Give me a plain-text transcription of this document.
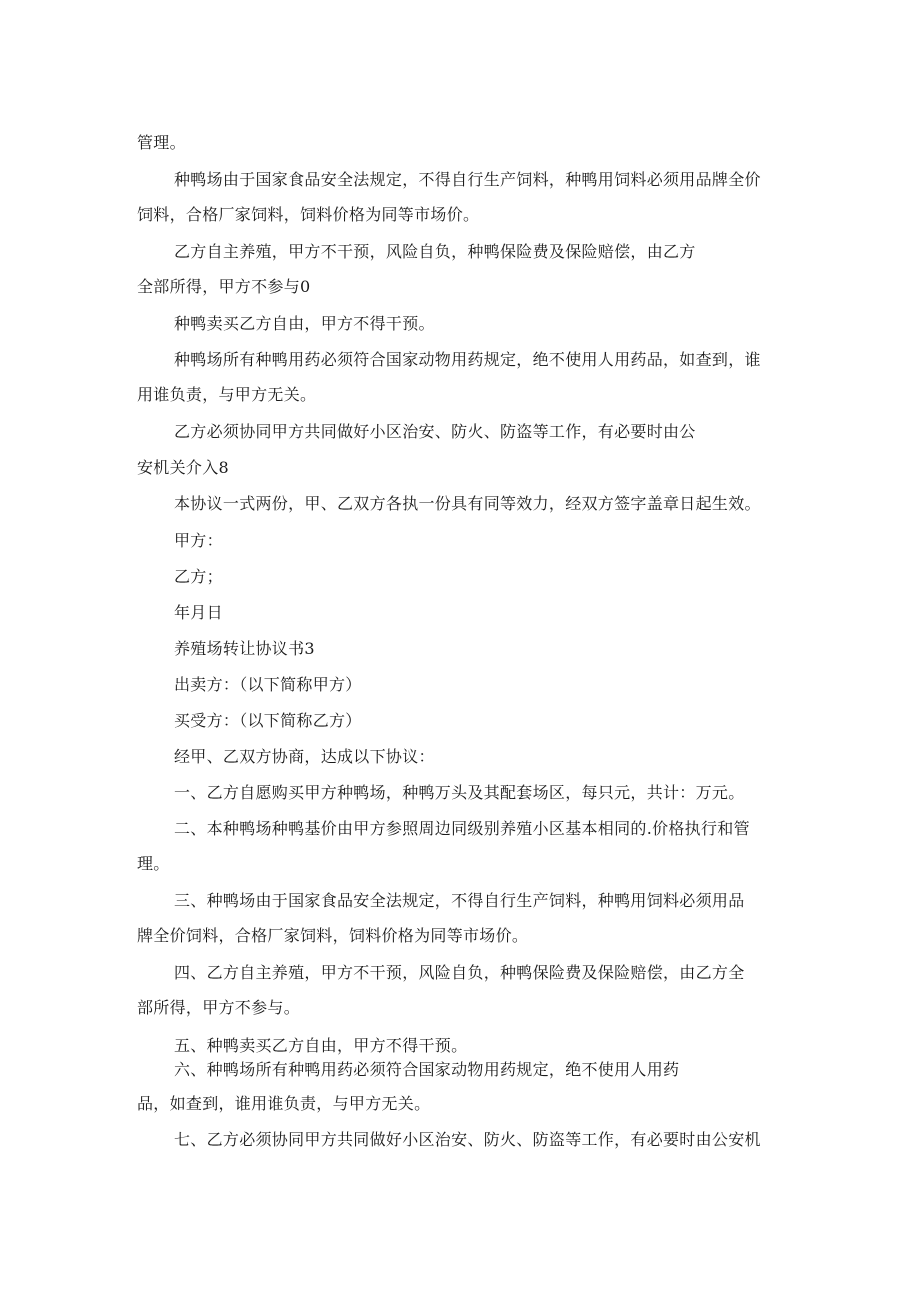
管理。
种鸭场由于国家食品安全法规定，不得自行生产饲料，种鸭用饲料必须用品牌全价
饲料，合格厂家饲料，饲料价格为同等市场价。
乙方自主养殖，甲方不干预，风险自负，种鸭保险费及保险赔偿，由乙方
全部所得，甲方不参与0
种鸭卖买乙方自由，甲方不得干预。
种鸭场所有种鸭用药必须符合国家动物用药规定，绝不使用人用药品，如查到，谁
用谁负责，与甲方无关。
乙方必须协同甲方共同做好小区治安、防火、防盗等工作，有必要时由公
安机关介入8
本协议一式两份，甲、乙双方各执一份具有同等效力，经双方签字盖章日起生效。
甲方：
乙方；
年月日
养殖场转让协议书3
出卖方：（以下简称甲方）
买受方：（以下简称乙方）
经甲、乙双方协商，达成以下协议：
一、乙方自愿购买甲方种鸭场，种鸭万头及其配套场区，每只元，共计：万元。
二、本种鸭场种鸭基价由甲方参照周边同级别养殖小区基本相同的.价格执行和管
理。
三、种鸭场由于国家食品安全法规定，不得自行生产饲料，种鸭用饲料必须用品
牌全价饲料，合格厂家饲料，饲料价格为同等市场价。
四、乙方自主养殖，甲方不干预，风险自负，种鸭保险费及保险赔偿，由乙方全
部所得，甲方不参与。
五、种鸭卖买乙方自由，甲方不得干预。
六、种鸭场所有种鸭用药必须符合国家动物用药规定，绝不使用人用药
品，如查到，谁用谁负责，与甲方无关。
七、乙方必须协同甲方共同做好小区治安、防火、防盗等工作，有必要时由公安机
